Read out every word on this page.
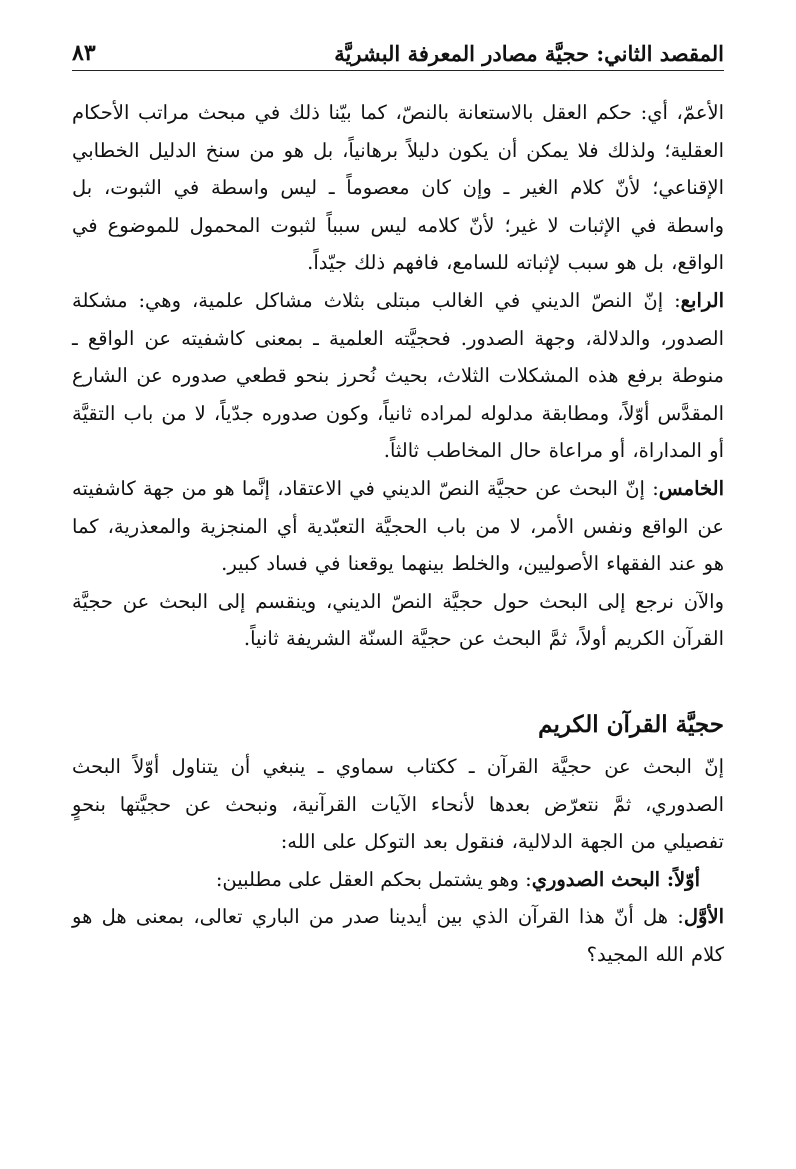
المقصد الثاني: حجيَّة مصادر المعرفة البشريَّة
٨٣

الأعمّ، أي: حكم العقل بالاستعانة بالنصّ، كما بيّنا ذلك في مبحث مراتب الأحكام العقلية؛ ولذلك فلا يمكن أن يكون دليلاً برهانياً، بل هو من سنخ الدليل الخطابي الإقناعي؛ لأنّ كلام الغير ـ وإن كان معصوماً ـ ليس واسطة في الثبوت، بل واسطة في الإثبات لا غير؛ لأنّ كلامه ليس سبباً لثبوت المحمول للموضوع في الواقع، بل هو سبب لإثباته للسامع، فافهم ذلك جيّداً.

الرابع: إنّ النصّ الديني في الغالب مبتلى بثلاث مشاكل علمية، وهي: مشكلة الصدور، والدلالة، وجهة الصدور. فحجيَّته العلمية ـ بمعنى كاشفيته عن الواقع ـ منوطة برفع هذه المشكلات الثلاث، بحيث نُحرز بنحو قطعي صدوره عن الشارع المقدَّس أوّلاً، ومطابقة مدلوله لمراده ثانياً، وكون صدوره جدّياً، لا من باب التقيَّة أو المداراة، أو مراعاة حال المخاطب ثالثاً.

الخامس: إنّ البحث عن حجيَّة النصّ الديني في الاعتقاد، إنَّما هو من جهة كاشفيته عن الواقع ونفس الأمر، لا من باب الحجيَّة التعبّدية أي المنجزية والمعذرية، كما هو عند الفقهاء الأصوليين، والخلط بينهما يوقعنا في فساد كبير.

والآن نرجع إلى البحث حول حجيَّة النصّ الديني، وينقسم إلى البحث عن حجيَّة القرآن الكريم أولاً، ثمَّ البحث عن حجيَّة السنّة الشريفة ثانياً.

حجيَّة القرآن الكريم

إنّ البحث عن حجيَّة القرآن ـ ككتاب سماوي ـ ينبغي أن يتناول أوّلاً البحث الصدوري، ثمَّ نتعرّض بعدها لأنحاء الآيات القرآنية، ونبحث عن حجيَّتها بنحوٍ تفصيلي من الجهة الدلالية، فنقول بعد التوكل على الله:

أوّلاً: البحث الصدوري: وهو يشتمل بحكم العقل على مطلبين:

الأوَّل: هل أنّ هذا القرآن الذي بين أيدينا صدر من الباري تعالى، بمعنى هل هو كلام الله المجيد؟
